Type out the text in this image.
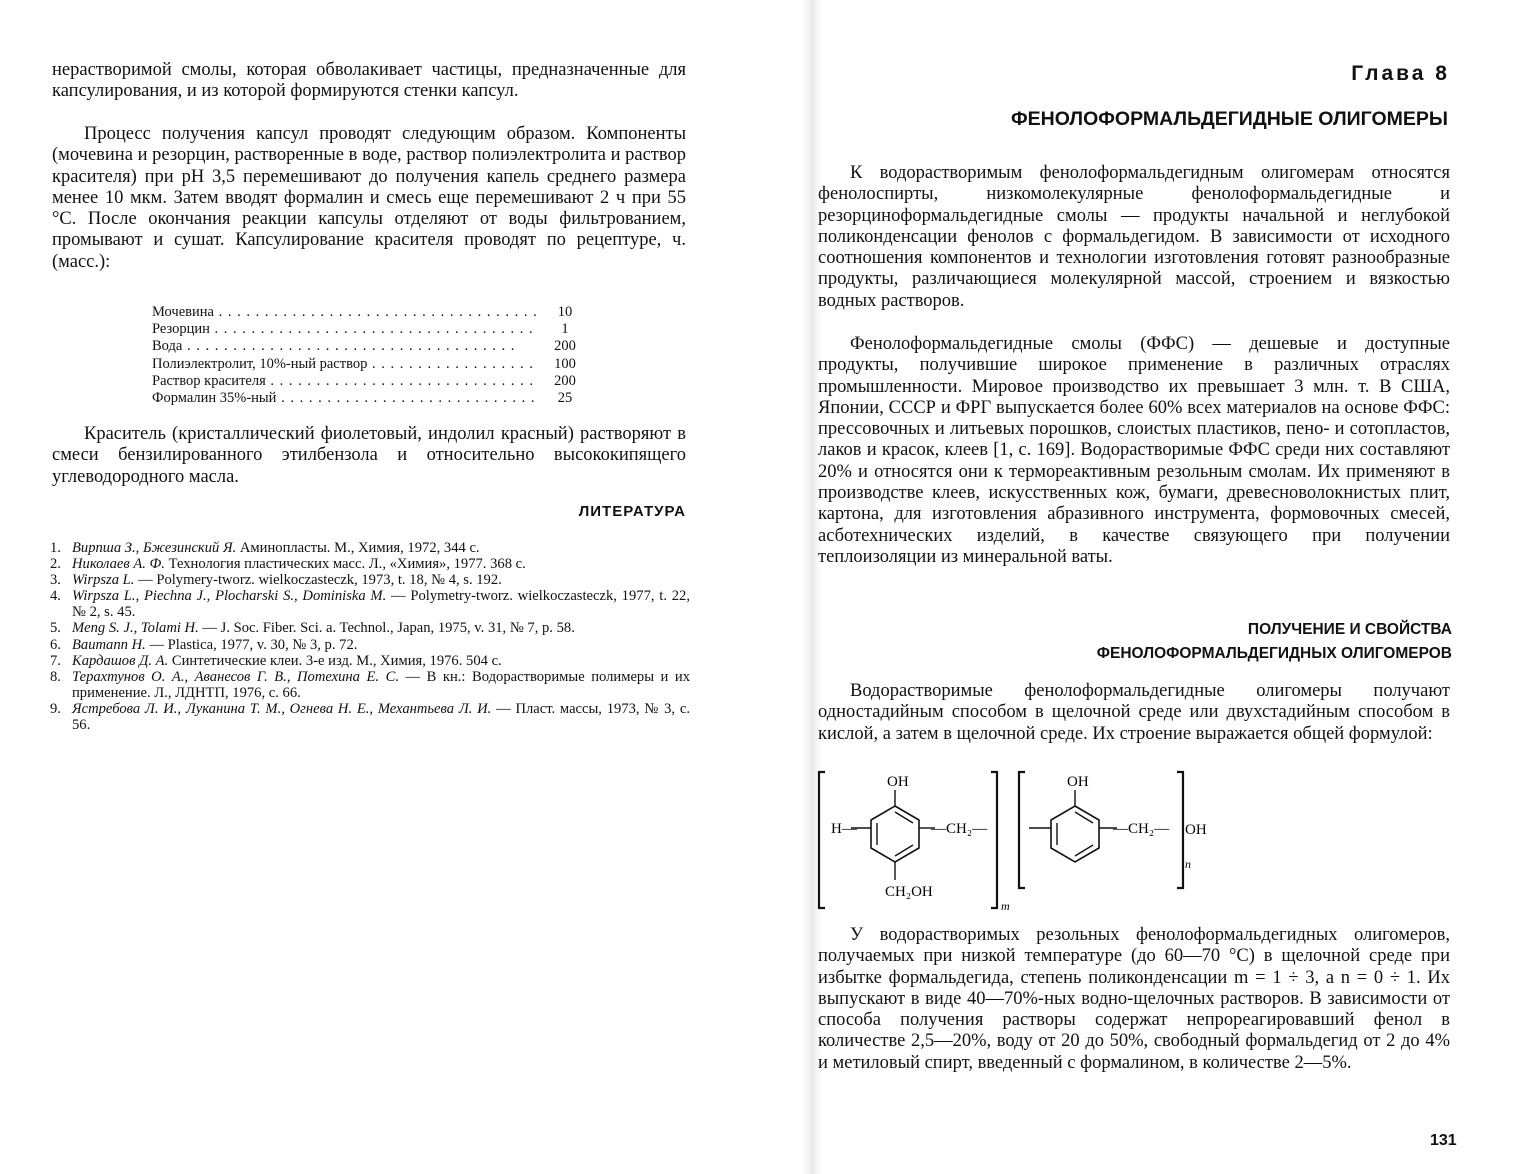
нерастворимой смолы, которая обволакивает частицы, предназначенные для капсулирования, и из которой формируются стенки капсул.

Процесс получения капсул проводят следующим образом. Компоненты (мочевина и резорцин, растворенные в воде, раствор полиэлектролита и раствор красителя) при pH 3,5 перемешивают до получения капель среднего размера менее 10 мкм. Затем вводят формалин и смесь еще перемешивают 2 ч при 55 °С. После окончания реакции капсулы отделяют от воды фильтрованием, промывают и сушат. Капсулирование красителя проводят по рецептуре, ч. (масс.):

Мочевина . . .	10
Резорцин . . .	1
Вода . . .	200
Полиэлектролит, 10%-ный раствор . . .	100
Раствор красителя . . .	200
Формалин 35%-ный . . .	25

Краситель (кристаллический фиолетовый, индолил красный) растворяют в смеси бензилированного этилбензола и относительно высококипящего углеводородного масла.

ЛИТЕРАТУРА
1. Вирпша З., Бжезинский Я. Аминопласты. М., Химия, 1972, 344 с.
2. Николаев А. Ф. Технология пластических масс. Л., «Химия», 1977. 368 с.
3. Wirpsza L. — Polymery-tworz. wielkoczasteczk, 1973, t. 18, № 4, s. 192.
4. Wirpsza L., Piechna J., Plocharski S., Dominiska M. — Polymetry-tworz. wielkoczasteczk, 1977, t. 22, № 2, s. 45.
5. Meng S. J., Tolami H. — J. Soc. Fiber. Sci. a. Technol., Japan, 1975, v. 31, № 7, p. 58.
6. Baumann H. — Plastica, 1977, v. 30, № 3, p. 72.
7. Кардашов Д. А. Синтетические клеи. 3-е изд. М., Химия, 1976. 504 с.
8. Терахтунов О. А., Аванесов Г. В., Потехина Е. С. — В кн.: Водорастворимые полимеры и их применение. Л., ЛДНТП, 1976, с. 66.
9. Ястребова Л. И., Луканина Т. М., Огнева Н. Е., Механтьева Л. И. — Пласт. массы, 1973, № 3, с. 56.
Глава 8
ФЕНОЛОФОРМАЛЬДЕГИДНЫЕ ОЛИГОМЕРЫ

К водорастворимым фенолоформальдегидным олигомерам относятся фенолоспирты, низкомолекулярные фенолоформальдегидные и резорциноформальдегидные смолы — продукты начальной и неглубокой поликонденсации фенолов с формальдегидом. В зависимости от исходного соотношения компонентов и технологии изготовления готовят разнообразные продукты, различающиеся молекулярной массой, строением и вязкостью водных растворов.

Фенолоформальдегидные смолы (ФФС) — дешевые и доступные продукты, получившие широкое применение в различных отраслях промышленности. Мировое производство их превышает 3 млн. т. В США, Японии, СССР и ФРГ выпускается более 60% всех материалов на основе ФФС: прессовочных и литьевых порошков, слоистых пластиков, пено- и сотопластов, лаков и красок, клеев [1, с. 169]. Водорастворимые ФФС среди них составляют 20% и относятся они к термореактивным резольным смолам. Их применяют в производстве клеев, искусственных кож, бумаги, древесноволокнистых плит, картона, для изготовления абразивного инструмента, формовочных смесей, асботехнических изделий, в качестве связующего при получении теплоизоляции из минеральной ваты.

ПОЛУЧЕНИЕ И СВОЙСТВА
ФЕНОЛОФОРМАЛЬДЕГИДНЫХ ОЛИГОМЕРОВ

Водорастворимые фенолоформальдегидные олигомеры получают одностадийным способом в щелочной среде или двухстадийным способом в кислой, а затем в щелочной среде. Их строение выражается общей формулой:

OH
H—	—CH₂—
CH₂OH
m
OH
—CH₂— OH
n

У водорастворимых резольных фенолоформальдегидных олигомеров, получаемых при низкой температуре (до 60—70 °С) в щелочной среде при избытке формальдегида, степень поликонденсации m = 1 ÷ 3, а n = 0 ÷ 1. Их выпускают в виде 40—70%-ных водно-щелочных растворов. В зависимости от способа получения растворы содержат непрореагировавший фенол в количестве 2,5—20%, воду от 20 до 50%, свободный формальдегид от 2 до 4% и метиловый спирт, введенный с формалином, в количестве 2—5%.

131
